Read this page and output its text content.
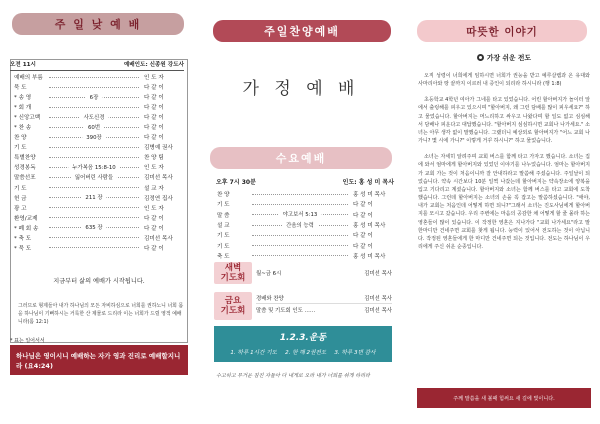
주 일 낮 예 배
오전 11시	예배인도: 신종원 강도사
예배의 부름	인 도 자
묵 도	다 같 이
* 송 영	6장	다 같 이
* 회 개	다 같 이
* 신앙고백	사도신경	다 같 이
* 찬 송	60번	다 같 이
찬 양	390장	다 같 이
기 도	김병예 권사
특별찬양	찬 양 팀
성경봉독	누가복음 15:8-10	인 도 자
말씀선포	잃어버린 사람들	김미선 목사
기 도	설 교 자
헌 금	211 장	김정연 집사
광 고	인 도 자
환영/교제	다 같 이
* 폐 회 송	635 장	다 같 이
* 축 도	김미선 목사
* 묵 도	다 같 이
지금부터 삶의 예배가 시작됩니다.
그러므로 형제들아 내가 하나님의 모든 자비하심으로 너희를 권하노니 너희 몸을 하나님이 기뻐하시는 거룩한 산 제물로 드리라 이는 너희가 드릴 영적 예배니라(롬 12:1)
* 표는 일어서서
하나님은 영이시니 예배하는 자가 영과 진리로 예배할지니라 (요4:24)
주일찬양예배
가 정 예 배
수요예배
오후 7시 30분	인도: 홍 성 미 목사
찬 양	홍 성 미 목사
기 도	다 같 이
말 씀	야고보서 5:13	다 같 이
설 교	간음의 능력	홍 성 미 목사
기 도	다 같 이
기 도	다 같 이
축 도	홍 성 미 목사
새벽
기도회	월~금 6시	김미선 목사
금요
기도회
경배와 찬양	김미선 목사
말씀 및 기도회 인도 ……	김미선 목사
1.2.3.운동
1. 하루 1시간 기도 2. 한 해 2권전도 3. 하루 3번 감사
수고하고 무거운 짐진 자들아 다 내게로 오라 내가 너희를 쉬게 하리라
따뜻한 이야기
가장 쉬운 전도

오직 성령이 너희에게 임하시면 너희가 권능을 받고 예루살렘과 온 유대와 사마리아와 땅 끝까지 이르러 내 증인이 되리라 하시니라 (행 1:8)

초등학교 4학년 여아가 그네를 타고 있었습니다. 어린 할아버지가 놀이터 앞에서 출렁해를 피우고 있으시며 "할아버지, 왜 그런 담배를 많이 피우세요?" 하고 물었습니다. 할아버지는 머느리하고 싸우고 나왔다며 할 일도 없고 심심해서 담배나 피운다고 대답했습니다. "할아버지 심심하시면 교회나 나가세요." 소녀는 아무 생각 없이 말했습니다. 그랬더니 예상외로 할아버지가 "어느 교회 나가니? 몇 시에 가니?" 이렇게 거꾸 하시니?" 하고 물었습니다.

소녀는 자세히 알려주며 교회 버스를 함께 타고 가자고 했습니다. 소녀는 집에 와서 엄마에게 할아버지와 있었던 이야기를 나누었습니다. 엄마는 할아버지가 교회 가는 것이 처음이니까 잘 안내하라고 말씀해 주셨습니다. 주일날이 되었습니다. 약속 시간보다 10분 일찍 나갔는데 할아버지는 약속장소에 양복을 입고 기다리고 계셨습니다. 할아버지와 소녀는 함께 버스를 타고 교회에 도착했습니다. 그런데 할아버지는 소녀의 손을 꼭 잡고는 말씀하셨습니다. "애야, 내가 교회는 처음인데 어떻게 하면 되니?"그래서 소녀는 진도사님에게 할아버지를 모시고 갔습니다. 우리 주변에는 마음의 공감한 채 어떻게 할 줄 몰라 하는 영혼들이 많이 있습니다. 이 작정한 영혼은 지나가다 "교회 나가세요"라고 말 한마디만 건네주면 교회를 찾게 됩니다. 능력이 있어서 전도하는 것이 아닙니다. 작정된 영혼들에게 한 마디만 건네주면 되는 것입니다. 전도는 하나님이 우리에게 주신 쉬운 순종입니다.

주께 말씀을 새 볼때 힘써요 새 길에 빛이니다.
